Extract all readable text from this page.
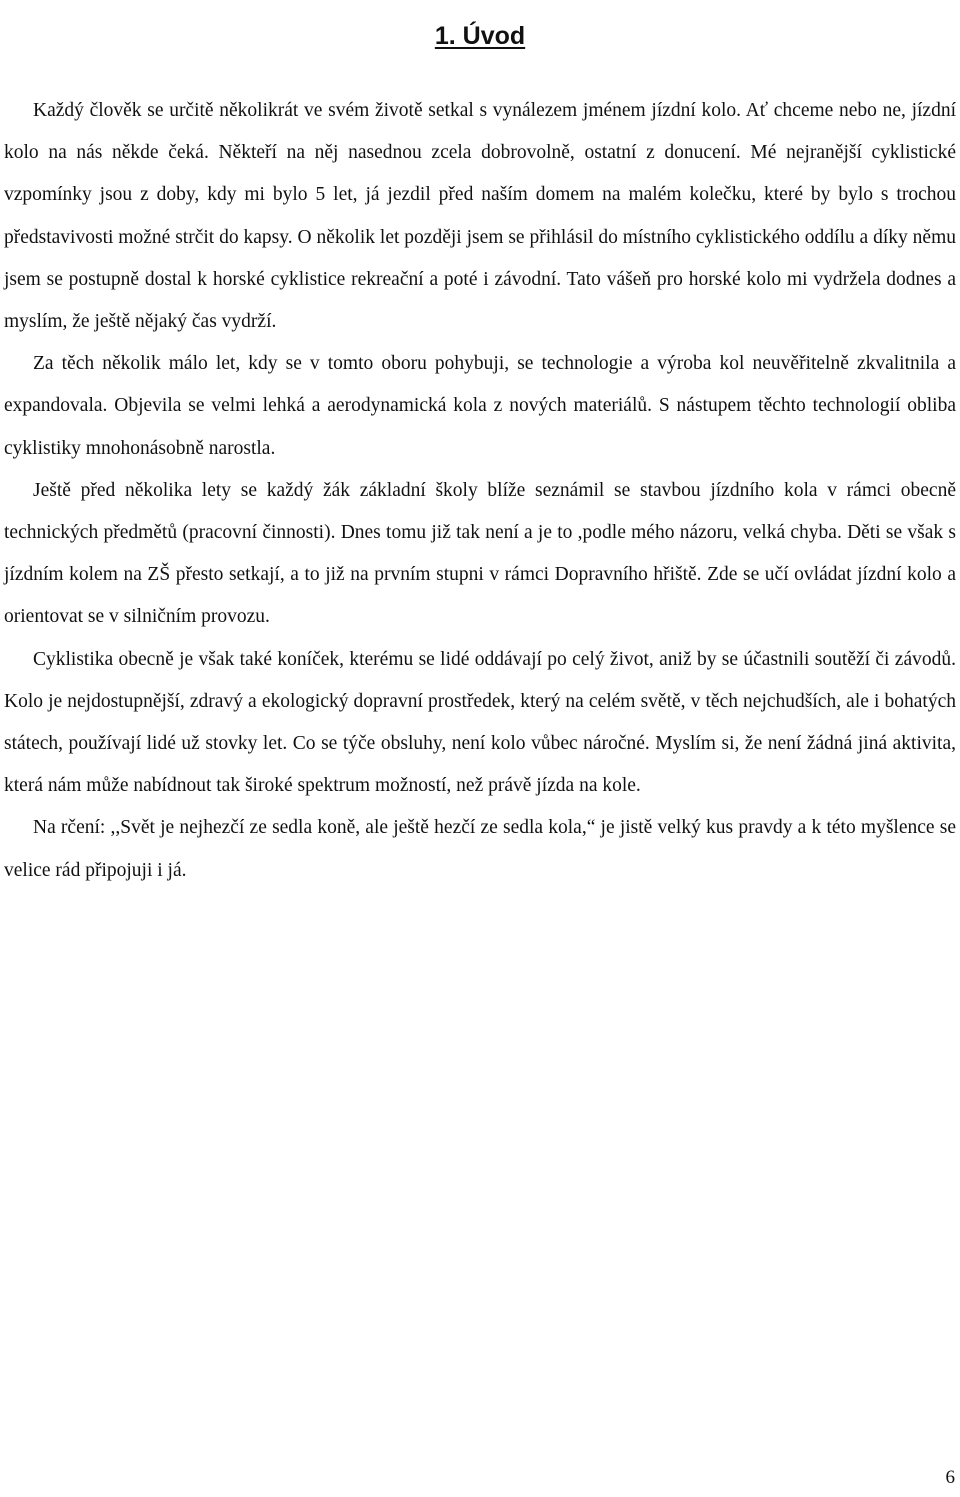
1. Úvod

Každý člověk se určitě několikrát ve svém životě setkal s vynálezem jménem jízdní kolo. Ať chceme nebo ne, jízdní kolo na nás někde čeká. Někteří na něj nasednou zcela dobrovolně, ostatní z donucení. Mé nejranější cyklistické vzpomínky jsou z doby, kdy mi bylo 5 let, já jezdil před naším domem na malém kolečku, které by bylo s trochou představivosti možné strčit do kapsy. O několik let později jsem se přihlásil do místního cyklistického oddílu a díky němu jsem se postupně dostal k horské cyklistice rekreační a poté i závodní. Tato vášeň pro horské kolo mi vydržela dodnes a myslím, že ještě nějaký čas vydrží.

Za těch několik málo let, kdy se v tomto oboru pohybuji, se technologie a výroba kol neuvěřitelně zkvalitnila a expandovala. Objevila se velmi lehká a aerodynamická kola z nových materiálů. S nástupem těchto technologií obliba cyklistiky mnohonásobně narostla.

Ještě před několika lety se každý žák základní školy blíže seznámil se stavbou jízdního kola v rámci obecně technických předmětů (pracovní činnosti). Dnes tomu již tak není a je to ,podle mého názoru, velká chyba. Děti se však s jízdním kolem na ZŠ přesto setkají, a to již na prvním stupni v rámci Dopravního hřiště. Zde se učí ovládat jízdní kolo a orientovat se v silničním provozu.

Cyklistika obecně je však také koníček, kterému se lidé oddávají po celý život, aniž by se účastnili soutěží či závodů. Kolo je nejdostupnější, zdravý a ekologický dopravní prostředek, který na celém světě, v těch nejchudších, ale i bohatých státech, používají lidé už stovky let. Co se týče obsluhy, není kolo vůbec náročné. Myslím si, že není žádná jiná aktivita, která nám může nabídnout tak široké spektrum možností, než právě jízda na kole.

Na rčení: ,,Svět je nejhezčí ze sedla koně, ale ještě hezčí ze sedla kola,“ je jistě velký kus pravdy a k této myšlence se velice rád připojuji i já.

6
